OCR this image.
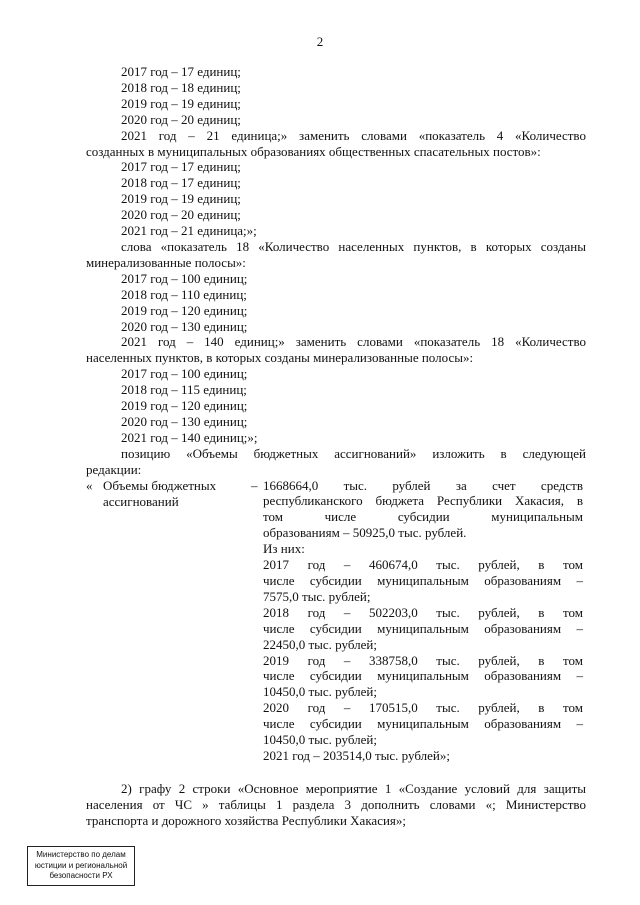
2
2017 год – 17 единиц;
2018 год – 18 единиц;
2019 год – 19 единиц;
2020 год – 20 единиц;
2021 год – 21 единица;» заменить словами «показатель 4 «Количество
созданных в муниципальных образованиях общественных спасательных постов»:
2017 год – 17 единиц;
2018 год – 17 единиц;
2019 год – 19 единиц;
2020 год – 20 единиц;
2021 год – 21 единица;»;
слова «показатель 18 «Количество населенных пунктов, в которых созданы
минерализованные полосы»:
2017 год – 100 единиц;
2018 год – 110 единиц;
2019 год – 120 единиц;
2020 год – 130 единиц;
2021 год – 140 единиц;» заменить словами «показатель 18 «Количество
населенных пунктов, в которых созданы минерализованные полосы»:
2017 год – 100 единиц;
2018 год – 115 единиц;
2019 год – 120 единиц;
2020 год – 130 единиц;
2021 год – 140 единиц;»;
позицию «Объемы бюджетных ассигнований» изложить в следующей
редакции:
« Объемы бюджетных
ассигнований
– 1668664,0 тыс. рублей за счет средств
республиканского бюджета Республики Хакасия, в
том числе субсидии муниципальным
образованиям – 50925,0 тыс. рублей.
Из них:
2017 год – 460674,0 тыс. рублей, в том
числе субсидии муниципальным образованиям –
7575,0 тыс. рублей;
2018 год – 502203,0 тыс. рублей, в том
числе субсидии муниципальным образованиям –
22450,0 тыс. рублей;
2019 год – 338758,0 тыс. рублей, в том
числе субсидии муниципальным образованиям –
10450,0 тыс. рублей;
2020 год – 170515,0 тыс. рублей, в том
числе субсидии муниципальным образованиям –
10450,0 тыс. рублей;
2021 год – 203514,0 тыс. рублей»;
2) графу 2 строки «Основное мероприятие 1 «Создание условий для защиты
населения от ЧС » таблицы 1 раздела 3 дополнить словами «; Министерство
транспорта и дорожного хозяйства Республики Хакасия»;
Министерство по делам
юстиции и региональной
безопасности РХ
